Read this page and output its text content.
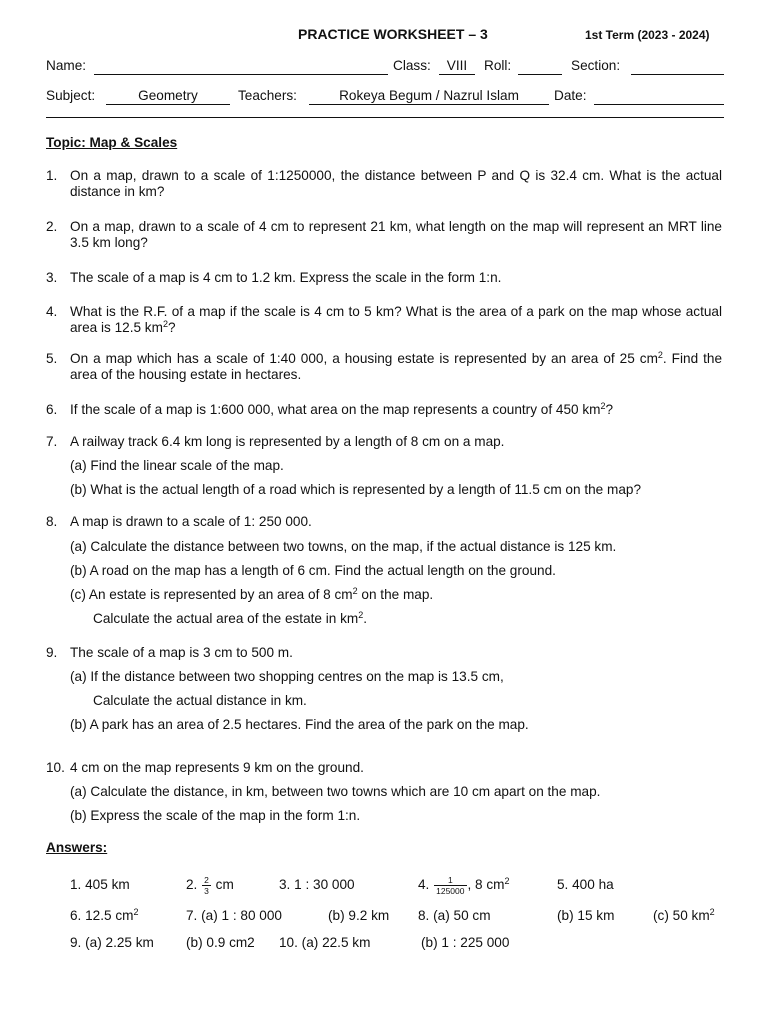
PRACTICE WORKSHEET – 3	1st Term (2023 - 2024)
Name:	Class:	VIII	Roll:	Section:
Subject:	Geometry	Teachers:	Rokeya Begum / Nazrul Islam	Date:
Topic: Map & Scales
1. On a map, drawn to a scale of 1:1250000, the distance between P and Q is 32.4 cm. What is the actual distance in km?
2. On a map, drawn to a scale of 4 cm to represent 21 km, what length on the map will represent an MRT line 3.5 km long?
3. The scale of a map is 4 cm to 1.2 km. Express the scale in the form 1:n.
4. What is the R.F. of a map if the scale is 4 cm to 5 km? What is the area of a park on the map whose actual area is 12.5 $km^2$?
5. On a map which has a scale of 1:40 000, a housing estate is represented by an area of 25 $cm^2$. Find the area of the housing estate in hectares.
6. If the scale of a map is 1:600 000, what area on the map represents a country of 450 $km^2$?
7. A railway track 6.4 km long is represented by a length of 8 cm on a map.
(a) Find the linear scale of the map.
(b) What is the actual length of a road which is represented by a length of 11.5 cm on the map?
8. A map is drawn to a scale of 1: 250 000.
(a) Calculate the distance between two towns, on the map, if the actual distance is 125 km.
(b) A road on the map has a length of 6 cm. Find the actual length on the ground.
(c) An estate is represented by an area of 8 $cm^2$ on the map.
Calculate the actual area of the estate in $km^2$.
9. The scale of a map is 3 cm to 500 m.
(a) If the distance between two shopping centres on the map is 13.5 cm,
Calculate the actual distance in km.
(b) A park has an area of 2.5 hectares. Find the area of the park on the map.
10. 4 cm on the map represents 9 km on the ground.
(a) Calculate the distance, in km, between two towns which are 10 cm apart on the map.
(b) Express the scale of the map in the form 1:n.
Answers:
1. 405 km	2. $\frac{2}{3}$ cm	3. 1 : 30 000	4. $\frac{1}{125000}$ , 8 $cm^2$	5. 400 ha
6. 12.5 $cm^2$	7. (a) 1 : 80 000	(b) 9.2 km 8. (a) 50 cm	(b) 15 km	(c) 50 $km^2$
9. (a) 2.25 km (b) 0.9 cm2 10. (a) 22.5 km	(b) 1 : 225 000
